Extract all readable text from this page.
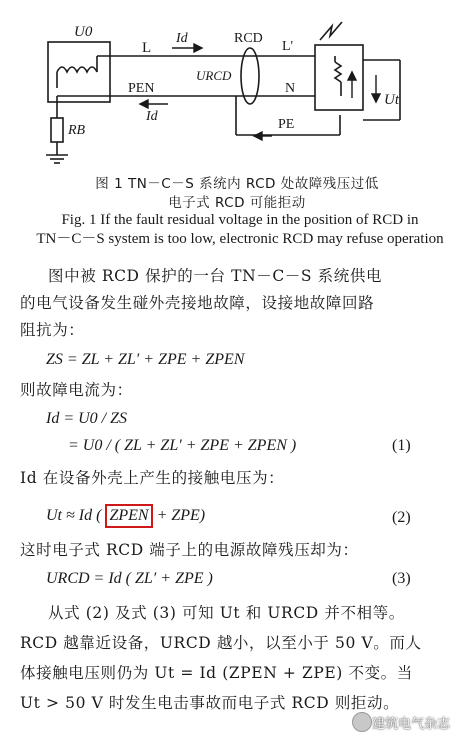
U0
L
Id	RCD
URCD
PEN
Id
L'
N
PE
RB
Ut
图 1 TN－C－S 系统内 RCD 处故障残压过低
电子式 RCD 可能拒动
Fig. 1 If the fault residual voltage in the position of RCD in
TN－C－S system is too low, electronic RCD may refuse operation
图中被 RCD 保护的一台 TN－C－S 系统供电
的电气设备发生碰外壳接地故障，设接地故障回路
阻抗为：
ZS = ZL + ZL′ + ZPE + ZPEN
则故障电流为：
Id = U0 / ZS
= U0 / ( ZL + ZL′ + ZPE + ZPEN )	(1)
Id 在设备外壳上产生的接触电压为：
Ut ≈ Id ( ZPEN + ZPE)	(2)
这时电子式 RCD 端子上的电源故障残压却为：
URCD = Id ( ZL′ + ZPE )	(3)
从式 (2) 及式 (3) 可知 Ut 和 URCD 并不相等。
RCD 越靠近设备，URCD 越小，以至小于 50 V。而人
体接触电压则仍为 Ut = Id (ZPEN + ZPE) 不变。当
Ut > 50 V 时发生电击事故而电子式 RCD 则拒动。
建筑电气杂志
